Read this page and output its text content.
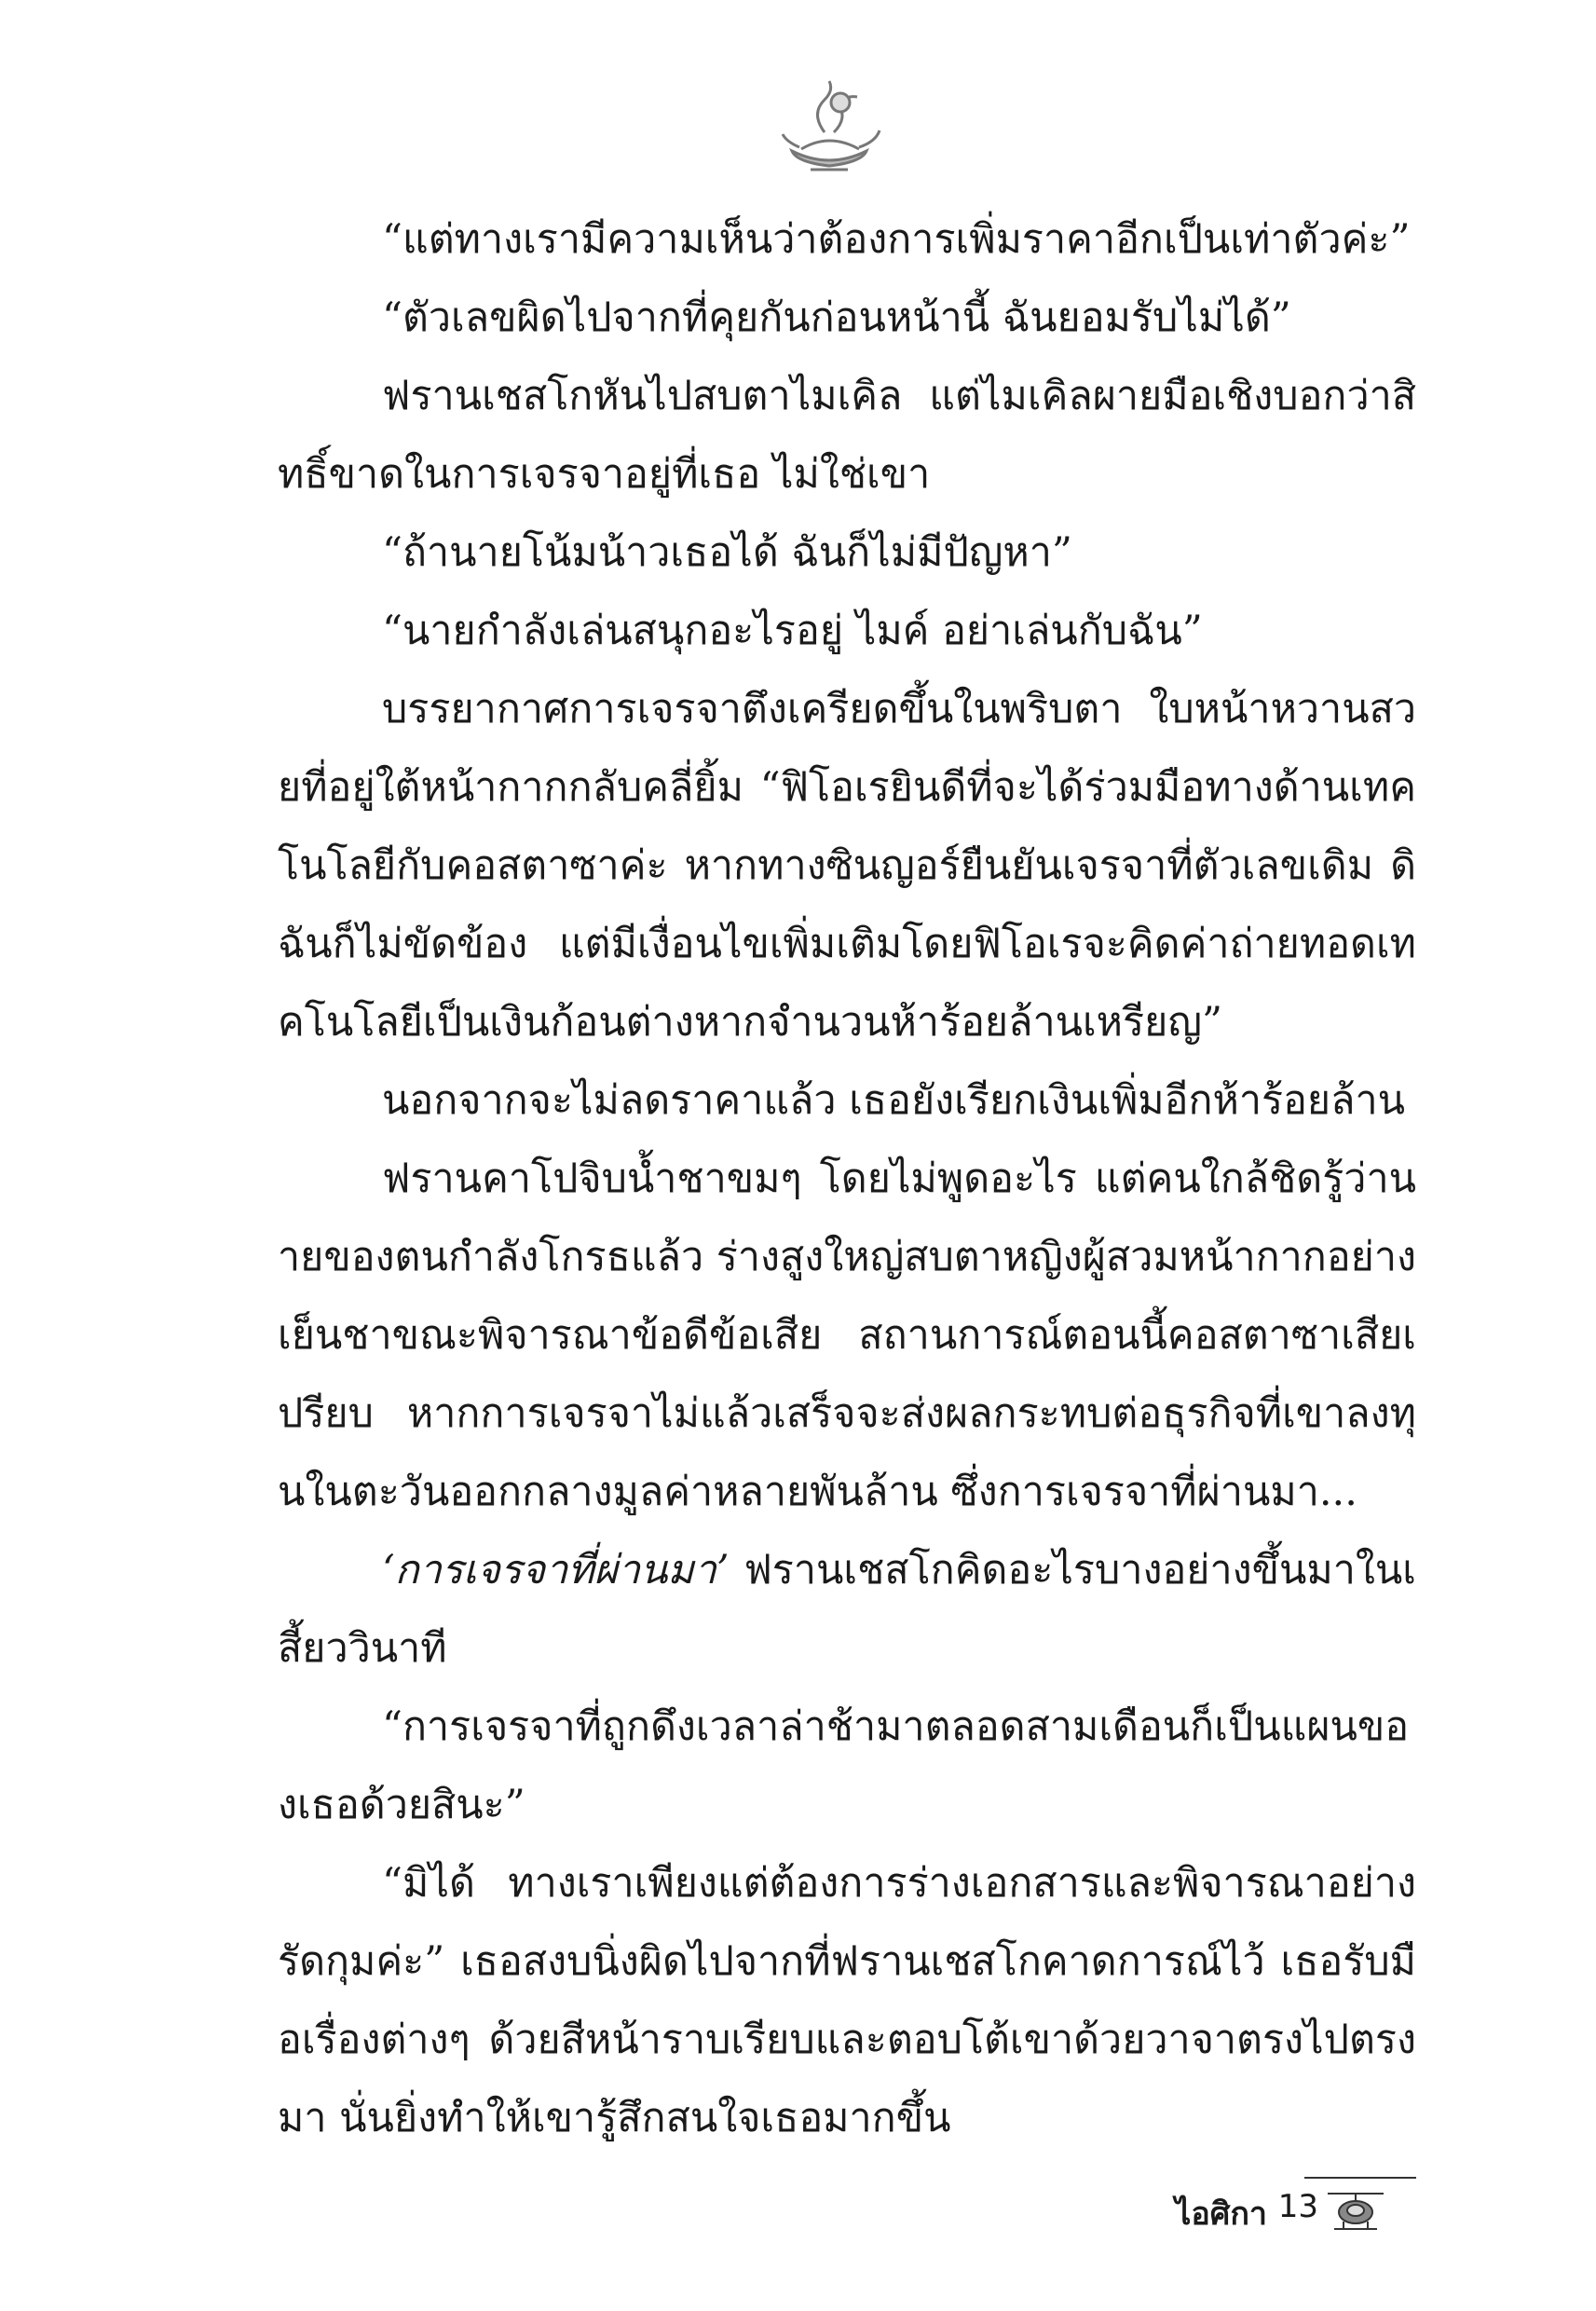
“แต่ทางเรามีความเห็นว่าต้องการเพิ่มราคาอีกเป็นเท่าตัวค่ะ”

“ตัวเลขผิดไปจากที่คุยกันก่อนหน้านี้ ฉันยอมรับไม่ได้”

ฟรานเชสโกหันไปสบตาไมเคิล แต่ไมเคิลผายมือเชิงบอกว่าสิทธิ์ขาดในการเจรจาอยู่ที่เธอ ไม่ใช่เขา

“ถ้านายโน้มน้าวเธอได้ ฉันก็ไม่มีปัญหา”

“นายกำลังเล่นสนุกอะไรอยู่ ไมค์ อย่าเล่นกับฉัน”

บรรยากาศการเจรจาตึงเครียดขึ้นในพริบตา ใบหน้าหวานสวยที่อยู่ใต้หน้ากากกลับคลี่ยิ้ม “ฟิโอเรยินดีที่จะได้ร่วมมือทางด้านเทคโนโลยีกับคอสตาซาค่ะ หากทางซินญอร์ยืนยันเจรจาที่ตัวเลขเดิม ดิฉันก็ไม่ขัดข้อง แต่มีเงื่อนไขเพิ่มเติมโดยฟิโอเรจะคิดค่าถ่ายทอดเทคโนโลยีเป็นเงินก้อนต่างหากจำนวนห้าร้อยล้านเหรียญ”

นอกจากจะไม่ลดราคาแล้ว เธอยังเรียกเงินเพิ่มอีกห้าร้อยล้าน

ฟรานคาโปจิบน้ำชาขมๆ โดยไม่พูดอะไร แต่คนใกล้ชิดรู้ว่านายของตนกำลังโกรธแล้ว ร่างสูงใหญ่สบตาหญิงผู้สวมหน้ากากอย่างเย็นชาขณะพิจารณาข้อดีข้อเสีย สถานการณ์ตอนนี้คอสตาซาเสียเปรียบ หากการเจรจาไม่แล้วเสร็จจะส่งผลกระทบต่อธุรกิจที่เขาลงทุนในตะวันออกกลางมูลค่าหลายพันล้าน ซึ่งการเจรจาที่ผ่านมา...

‘การเจรจาที่ผ่านมา’ ฟรานเชสโกคิดอะไรบางอย่างขึ้นมาในเสี้ยววินาที

“การเจรจาที่ถูกดึงเวลาล่าช้ามาตลอดสามเดือนก็เป็นแผนของเธอด้วยสินะ”

“มิได้ ทางเราเพียงแต่ต้องการร่างเอกสารและพิจารณาอย่างรัดกุมค่ะ” เธอสงบนิ่งผิดไปจากที่ฟรานเชสโกคาดการณ์ไว้ เธอรับมือเรื่องต่างๆ ด้วยสีหน้าราบเรียบและตอบโต้เขาด้วยวาจาตรงไปตรงมา นั่นยิ่งทำให้เขารู้สึกสนใจเธอมากขึ้น

ไอศิกา 13
